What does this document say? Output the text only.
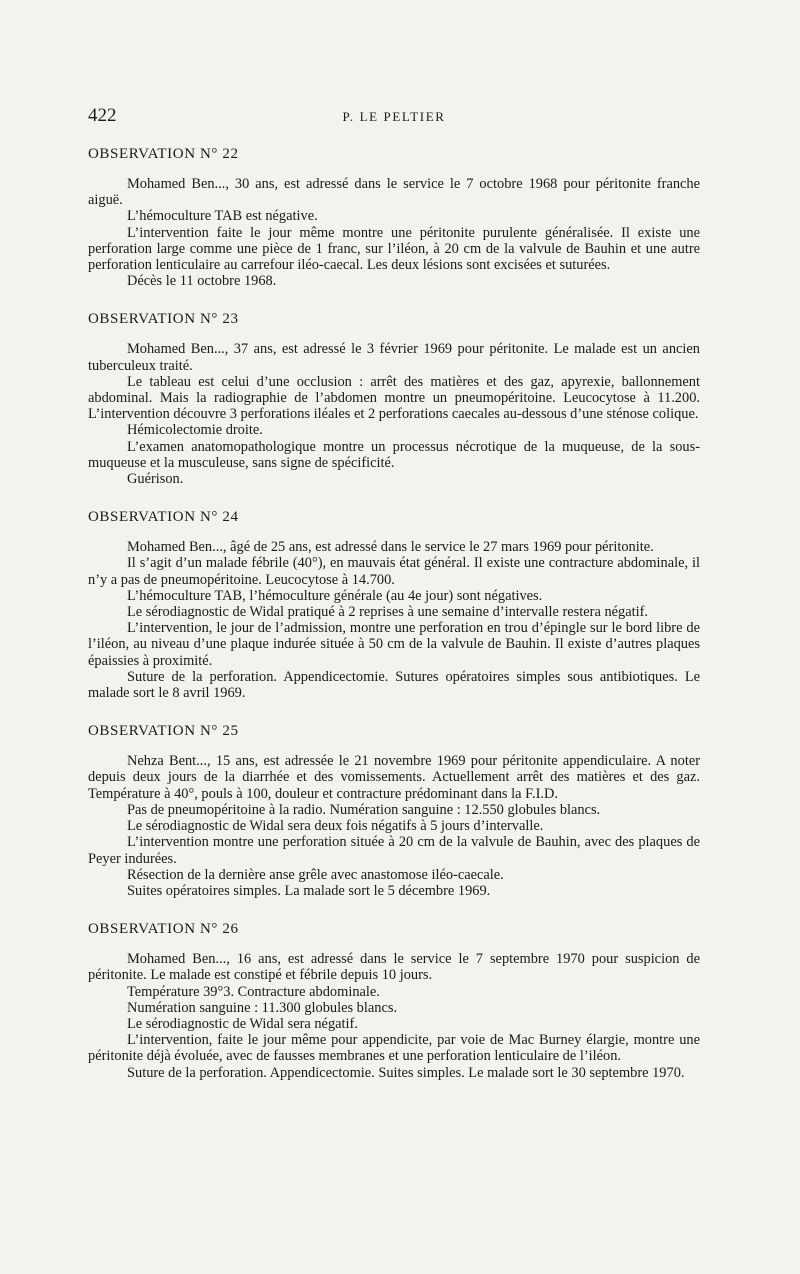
422	P. LE PELTIER
OBSERVATION N° 22

Mohamed Ben..., 30 ans, est adressé dans le service le 7 octobre 1968 pour péritonite franche aiguë.

L’hémoculture TAB est négative.

L’intervention faite le jour même montre une péritonite purulente généralisée. Il existe une perforation large comme une pièce de 1 franc, sur l’iléon, à 20 cm de la valvule de Bauhin et une autre perforation lenticulaire au carrefour iléo-caecal. Les deux lésions sont excisées et suturées.

Décès le 11 octobre 1968.

OBSERVATION N° 23

Mohamed Ben..., 37 ans, est adressé le 3 février 1969 pour péritonite. Le malade est un ancien tuberculeux traité.

Le tableau est celui d’une occlusion : arrêt des matières et des gaz, apyrexie, ballonnement abdominal. Mais la radiographie de l’abdomen montre un pneumopéritoine. Leucocytose à 11.200. L’intervention découvre 3 perforations iléales et 2 perforations caecales au-dessous d’une sténose colique.

Hémicolectomie droite.

L’examen anatomopathologique montre un processus nécrotique de la muqueuse, de la sous-muqueuse et la musculeuse, sans signe de spécificité.

Guérison.

OBSERVATION N° 24

Mohamed Ben..., âgé de 25 ans, est adressé dans le service le 27 mars 1969 pour péritonite.

Il s’agit d’un malade fébrile (40°), en mauvais état général. Il existe une contracture abdominale, il n’y a pas de pneumopéritoine. Leucocytose à 14.700.

L’hémoculture TAB, l’hémoculture générale (au 4e jour) sont négatives.

Le sérodiagnostic de Widal pratiqué à 2 reprises à une semaine d’intervalle restera négatif.

L’intervention, le jour de l’admission, montre une perforation en trou d’épingle sur le bord libre de l’iléon, au niveau d’une plaque indurée située à 50 cm de la valvule de Bauhin. Il existe d’autres plaques épaissies à proximité.

Suture de la perforation. Appendicectomie. Sutures opératoires simples sous antibiotiques. Le malade sort le 8 avril 1969.

OBSERVATION N° 25

Nehza Bent..., 15 ans, est adressée le 21 novembre 1969 pour péritonite appendiculaire. A noter depuis deux jours de la diarrhée et des vomissements. Actuellement arrêt des matières et des gaz. Température à 40°, pouls à 100, douleur et contracture prédominant dans la F.I.D.

Pas de pneumopéritoine à la radio. Numération sanguine : 12.550 globules blancs.

Le sérodiagnostic de Widal sera deux fois négatifs à 5 jours d’intervalle.

L’intervention montre une perforation située à 20 cm de la valvule de Bauhin, avec des plaques de Peyer indurées.

Résection de la dernière anse grêle avec anastomose iléo-caecale.

Suites opératoires simples. La malade sort le 5 décembre 1969.

OBSERVATION N° 26

Mohamed Ben..., 16 ans, est adressé dans le service le 7 septembre 1970 pour suspicion de péritonite. Le malade est constipé et fébrile depuis 10 jours.

Température 39°3. Contracture abdominale.

Numération sanguine : 11.300 globules blancs.

Le sérodiagnostic de Widal sera négatif.

L’intervention, faite le jour même pour appendicite, par voie de Mac Burney élargie, montre une péritonite déjà évoluée, avec de fausses membranes et une perforation lenticulaire de l’iléon.

Suture de la perforation. Appendicectomie. Suites simples. Le malade sort le 30 septembre 1970.
